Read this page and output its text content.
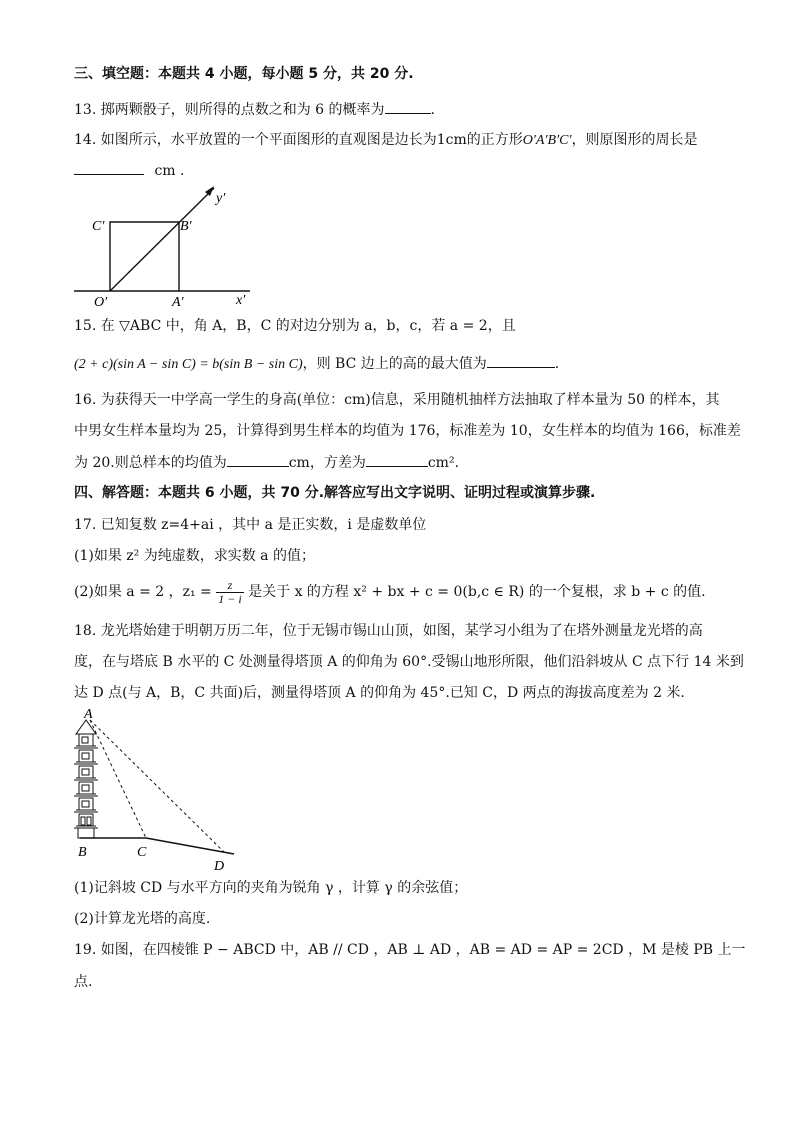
三、填空题：本题共 4 小题，每小题 5 分，共 20 分.
13. 掷两颗骰子，则所得的点数之和为 6 的概率为	.
14. 如图所示，水平放置的一个平面图形的直观图是边长为1cm的正方形O′A′B′C′，则原图形的周长是
cm .
y′
x′
O′	A′
B′
C′
15. 在 ▽ABC 中，角 A，B，C 的对边分别为 a，b，c，若 a = 2，且
(2 + c)(sin A − sin C) = b(sin B − sin C)，则 BC 边上的高的最大值为	.
16. 为获得天一中学高一学生的身高(单位：cm)信息，采用随机抽样方法抽取了样本量为 50 的样本，其
中男女生样本量均为 25，计算得到男生样本的均值为 176，标准差为 10，女生样本的均值为 166，标准差
为 20.则总样本的均值为	cm，方差为	cm².
四、解答题：本题共 6 小题，共 70 分.解答应写出文字说明、证明过程或演算步骤.
17. 已知复数 z=4+ai ，其中 a 是正实数，i 是虚数单位
(1)如果 z² 为纯虚数，求实数 a 的值；
(2)如果 a = 2 ，$z_1 = \frac{z}{1 - i}$ 是关于 x 的方程 x² + bx + c = 0(b,c ∈ R) 的一个复根，求 b + c 的值.
18. 龙光塔始建于明朝万历二年，位于无锡市锡山山顶，如图，某学习小组为了在塔外测量龙光塔的高
度，在与塔底 B 水平的 C 处测量得塔顶 A 的仰角为 60°.受锡山地形所限，他们沿斜坡从 C 点下行 14 米到
达 D 点(与 A，B，C 共面)后，测量得塔顶 A 的仰角为 45°.已知 C，D 两点的海拔高度差为 2 米.
A
B	C
D
(1)记斜坡 CD 与水平方向的夹角为锐角 γ ，计算 γ 的余弦值；
(2)计算龙光塔的高度.
19. 如图，在四棱锥 P − ABCD 中，AB // CD ，AB ⊥ AD ，AB = AD = AP = 2CD ，M 是棱 PB 上一
点.
